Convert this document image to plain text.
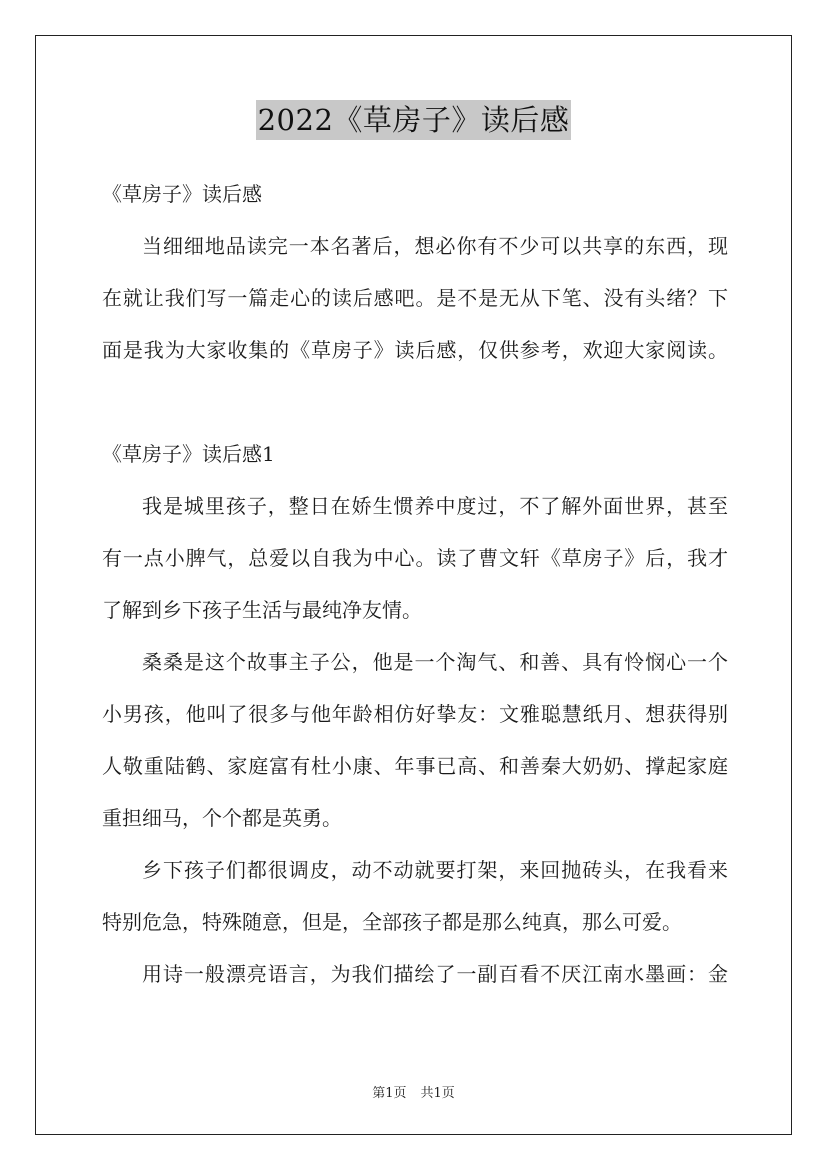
2022《草房子》读后感
《草房子》读后感
当细细地品读完一本名著后，想必你有不少可以共享的东西，现
在就让我们写一篇走心的读后感吧。是不是无从下笔、没有头绪？下
面是我为大家收集的《草房子》读后感，仅供参考，欢迎大家阅读。
《草房子》读后感1
我是城里孩子，整日在娇生惯养中度过，不了解外面世界，甚至
有一点小脾气，总爱以自我为中心。读了曹文轩《草房子》后，我才
了解到乡下孩子生活与最纯净友情。
桑桑是这个故事主子公，他是一个淘气、和善、具有怜悯心一个
小男孩，他叫了很多与他年龄相仿好挚友：文雅聪慧纸月、想获得别
人敬重陆鹤、家庭富有杜小康、年事已高、和善秦大奶奶、撑起家庭
重担细马，个个都是英勇。
乡下孩子们都很调皮，动不动就要打架，来回抛砖头，在我看来
特别危急，特殊随意，但是，全部孩子都是那么纯真，那么可爱。
用诗一般漂亮语言，为我们描绘了一副百看不厌江南水墨画：金
第1页 共1页
